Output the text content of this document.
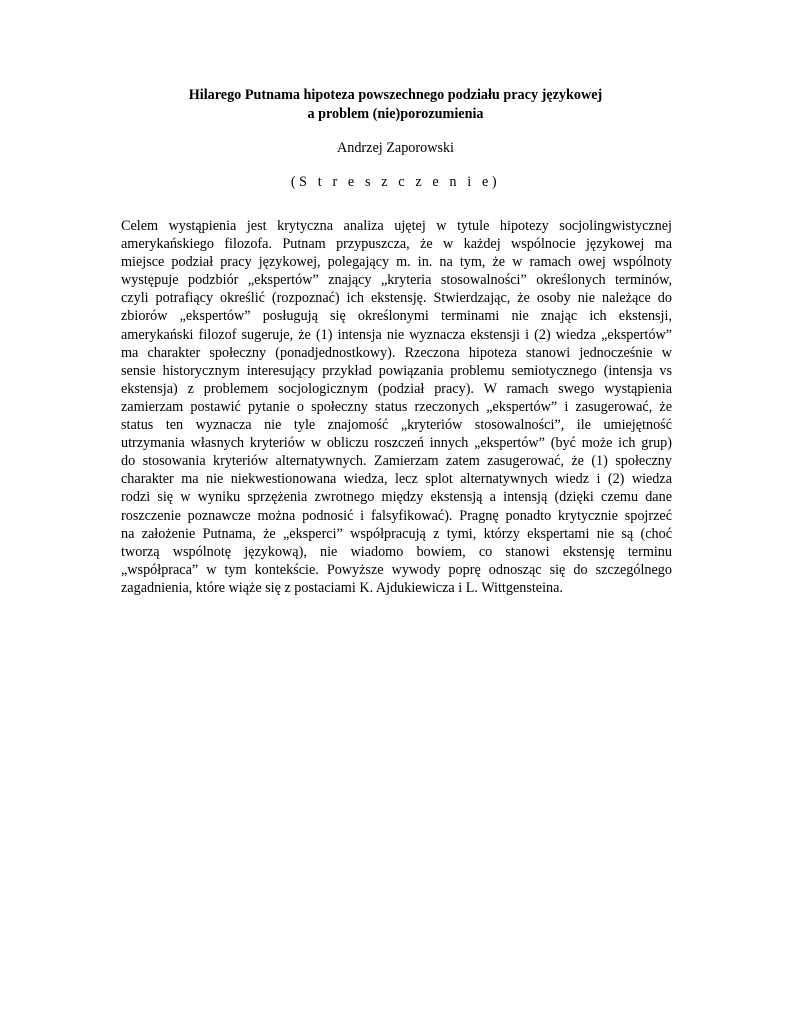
Hilarego Putnama hipoteza powszechnego podziału pracy językowej
a problem (nie)porozumienia
Andrzej Zaporowski
(S t r e s z c z e n i e)

Celem wystąpienia jest krytyczna analiza ujętej w tytule hipotezy socjolingwistycznej
amerykańskiego filozofa. Putnam przypuszcza, że w każdej wspólnocie językowej ma
miejsce podział pracy językowej, polegający m. in. na tym, że w ramach owej wspólnoty
występuje podzbiór „ekspertów” znający „kryteria stosowalności” określonych terminów,
czyli potrafiący określić (rozpoznać) ich ekstensję. Stwierdzając, że osoby nie należące do
zbiorów „ekspertów” posługują się określonymi terminami nie znając ich ekstensji,
amerykański filozof sugeruje, że (1) intensja nie wyznacza ekstensji i (2) wiedza „ekspertów”
ma charakter społeczny (ponadjednostkowy). Rzeczona hipoteza stanowi jednocześnie w
sensie historycznym interesujący przykład powiązania problemu semiotycznego (intensja vs
ekstensja) z problemem socjologicznym (podział pracy). W ramach swego wystąpienia
zamierzam postawić pytanie o społeczny status rzeczonych „ekspertów” i zasugerować, że
status ten wyznacza nie tyle znajomość „kryteriów stosowalności”, ile umiejętność
utrzymania własnych kryteriów w obliczu roszczeń innych „ekspertów” (być może ich grup)
do stosowania kryteriów alternatywnych. Zamierzam zatem zasugerować, że (1) społeczny
charakter ma nie niekwestionowana wiedza, lecz splot alternatywnych wiedz i (2) wiedza
rodzi się w wyniku sprzężenia zwrotnego między ekstensją a intensją (dzięki czemu dane
roszczenie poznawcze można podnosić i falsyfikować). Pragnę ponadto krytycznie spojrzeć
na założenie Putnama, że „eksperci” współpracują z tymi, którzy ekspertami nie są (choć
tworzą wspólnotę językową), nie wiadomo bowiem, co stanowi ekstensję terminu
„współpraca” w tym kontekście. Powyższe wywody poprę odnosząc się do szczególnego
zagadnienia, które wiąże się z postaciami K. Ajdukiewicza i L. Wittgensteina.
